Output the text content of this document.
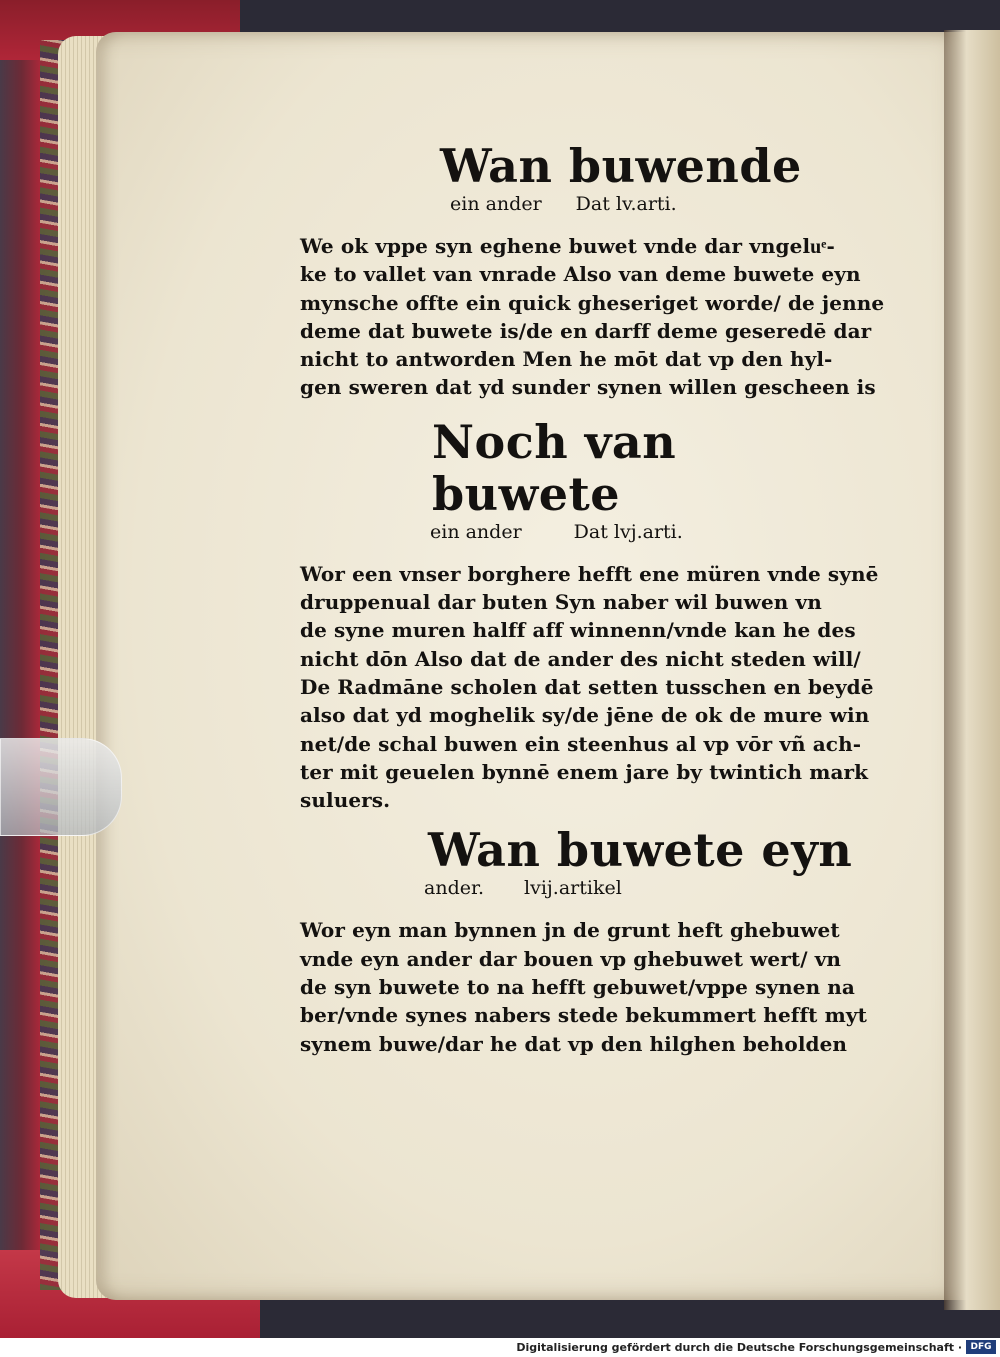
Wan buwende
ein ander Dat lv.arti.

We ok vppe syn eghene buwet vnde dar vngeluͤ-

ke to vallet van vnrade Also van deme buwete eyn

mynsche offte ein quick gheseriget worde/ de jenne

deme dat buwete is/de en darff deme geseredē dar

nicht to antworden Men he mōt dat vp den hyl-

gen sweren dat yd sunder synen willen gescheen is

Noch van buwete
ein ander	Dat lvj.arti.

Wor een vnser borghere hefft ene müren vnde synē

druppenual dar buten Syn naber wil buwen vn

de syne muren halff aff winnenn/vnde kan he des

nicht dōn Also dat de ander des nicht steden will/

De Radmāne scholen dat setten tusschen en beydē

also dat yd moghelik sy/de jēne de ok de mure win

net/de schal buwen ein steenhus al vp vōr vñ ach-

ter mit geuelen bynnē enem jare by twintich mark

suluers.

Wan buwete eyn
ander. lvij.artikel

Wor eyn man bynnen jn de grunt heft ghebuwet

vnde eyn ander dar bouen vp ghebuwet wert/ vn

de syn buwete to na hefft gebuwet/vppe synen na

ber/vnde synes nabers stede bekummert hefft myt

synem buwe/dar he dat vp den hilghen beholden

Digitalisierung gefördert durch die Deutsche Forschungsgemeinschaft · DFG
